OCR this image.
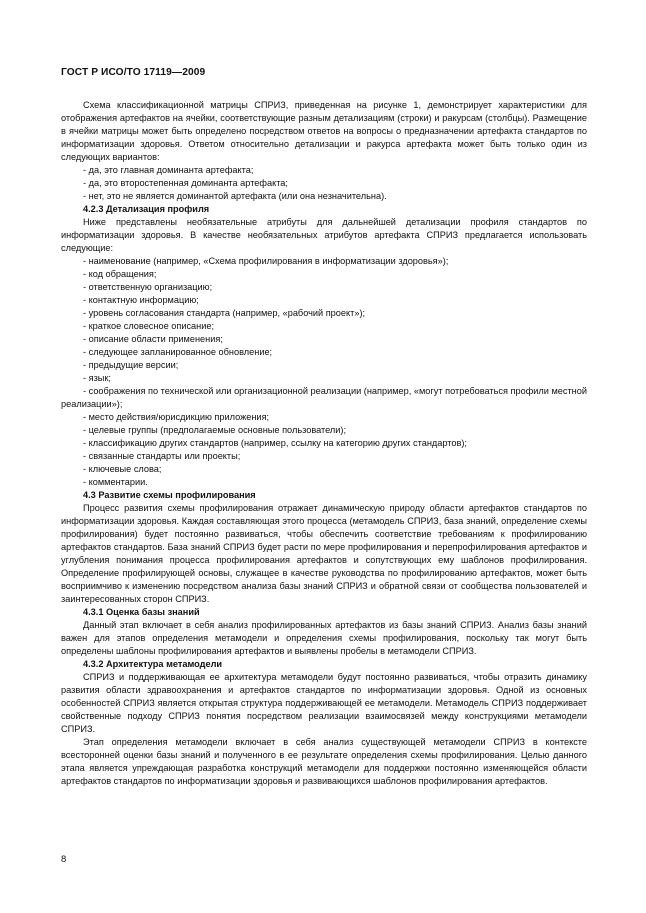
ГОСТ Р ИСО/ТО 17119—2009

Схема классификационной матрицы СПРИЗ, приведенная на рисунке 1, демонстрирует характеристики для отображения артефактов на ячейки, соответствующие разным детализациям (строки) и ракурсам (столбцы). Размещение в ячейки матрицы может быть определено посредством ответов на вопросы о предназначении артефакта стандартов по информатизации здоровья. Ответом относительно детализации и ракурса артефакта может быть только один из следующих вариантов:

- да, это главная доминанта артефакта;

- да, это второстепенная доминанта артефакта;

- нет, это не является доминантой артефакта (или она незначительна).

4.2.3 Детализация профиля

Ниже представлены необязательные атрибуты для дальнейшей детализации профиля стандартов по информатизации здоровья. В качестве необязательных атрибутов артефакта СПРИЗ предлагается использовать следующие:

- наименование (например, «Схема профилирования в информатизации здоровья»);

- код обращения;

- ответственную организацию;

- контактную информацию;

- уровень согласования стандарта (например, «рабочий проект»);

- краткое словесное описание;

- описание области применения;

- следующее запланированное обновление;

- предыдущие версии;

- язык;

- соображения по технической или организационной реализации (например, «могут потребоваться профили местной реализации»);

- место действия/юрисдикцию приложения;

- целевые группы (предполагаемые основные пользователи);

- классификацию других стандартов (например, ссылку на категорию других стандартов);

- связанные стандарты или проекты;

- ключевые слова;

- комментарии.

4.3 Развитие схемы профилирования

Процесс развития схемы профилирования отражает динамическую природу области артефактов стандартов по информатизации здоровья. Каждая составляющая этого процесса (метамодель СПРИЗ, база знаний, определение схемы профилирования) будет постоянно развиваться, чтобы обеспечить соответствие требованиям к профилированию артефактов стандартов. База знаний СПРИЗ будет расти по мере профилирования и перепрофилирования артефактов и углубления понимания процесса профилирования артефактов и сопутствующих ему шаблонов профилирования. Определение профилирующей основы, служащее в качестве руководства по профилированию артефактов, может быть восприимчиво к изменению посредством анализа базы знаний СПРИЗ и обратной связи от сообщества пользователей и заинтересованных сторон СПРИЗ.

4.3.1 Оценка базы знаний

Данный этап включает в себя анализ профилированных артефактов из базы знаний СПРИЗ. Анализ базы знаний важен для этапов определения метамодели и определения схемы профилирования, поскольку так могут быть определены шаблоны профилирования артефактов и выявлены пробелы в метамодели СПРИЗ.

4.3.2 Архитектура метамодели

СПРИЗ и поддерживающая ее архитектура метамодели будут постоянно развиваться, чтобы отразить динамику развития области здравоохранения и артефактов стандартов по информатизации здоровья. Одной из основных особенностей СПРИЗ является открытая структура поддерживающей ее метамодели. Метамодель СПРИЗ поддерживает свойственные подходу СПРИЗ понятия посредством реализации взаимосвязей между конструкциями метамодели СПРИЗ.

Этап определения метамодели включает в себя анализ существующей метамодели СПРИЗ в контексте всесторонней оценки базы знаний и полученного в ее результате определения схемы профилирования. Целью данного этапа является упреждающая разработка конструкций метамодели для поддержки постоянно изменяющейся области артефактов стандартов по информатизации здоровья и развивающихся шаблонов профилирования артефактов.

8
